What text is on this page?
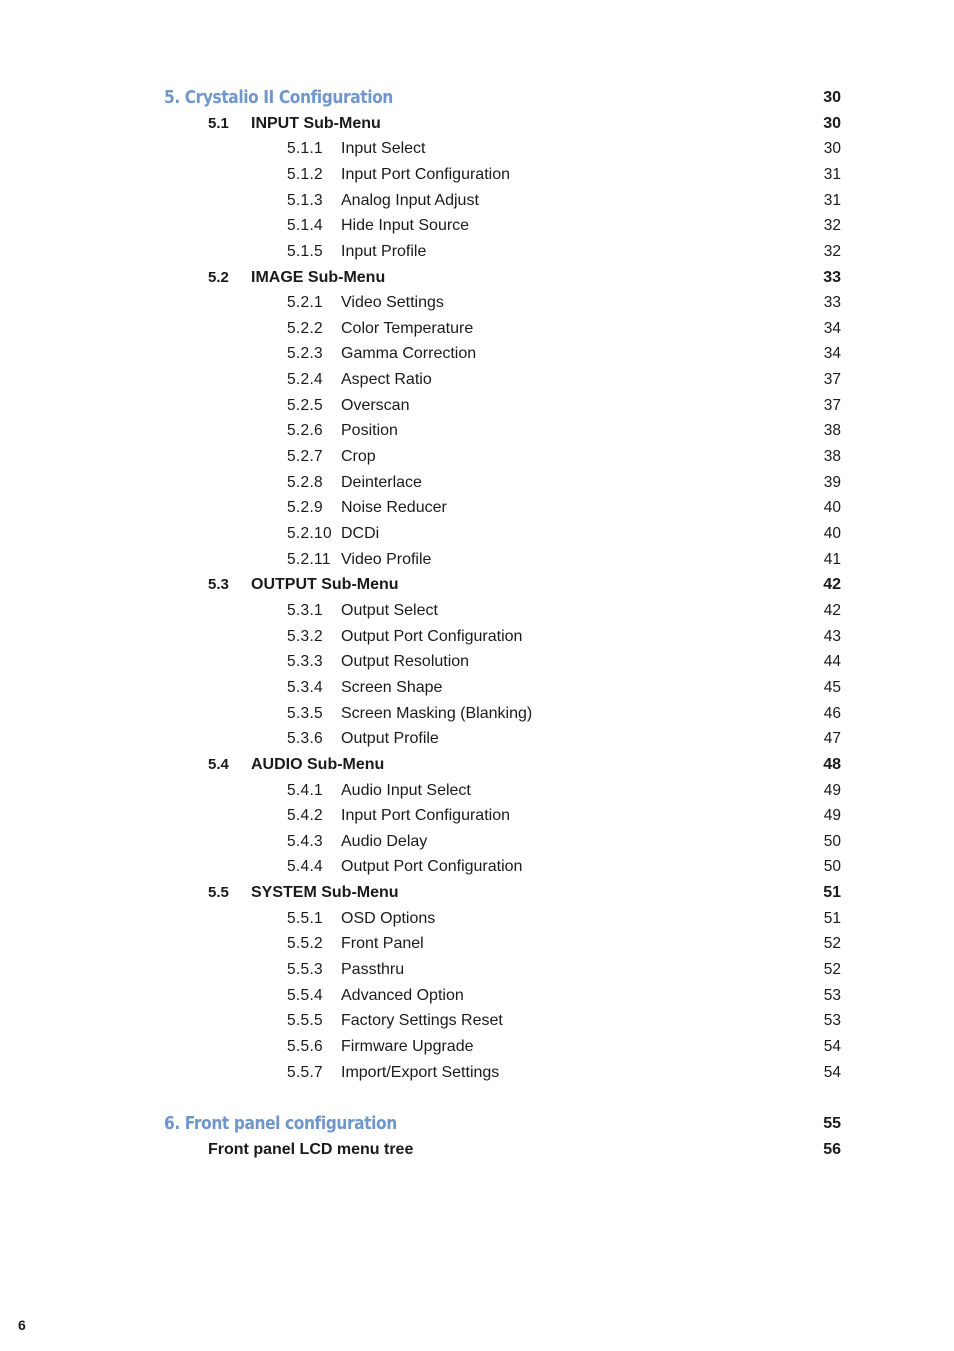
5. Crystalio II Configuration	30
5.1 INPUT Sub-Menu	30
5.1.1 Input Select	30
5.1.2 Input Port Configuration	31
5.1.3 Analog Input Adjust	31
5.1.4 Hide Input Source	32
5.1.5 Input Profile	32
5.2 IMAGE Sub-Menu	33
5.2.1 Video Settings	33
5.2.2 Color Temperature	34
5.2.3 Gamma Correction	34
5.2.4 Aspect Ratio	37
5.2.5 Overscan	37
5.2.6 Position	38
5.2.7 Crop	38
5.2.8 Deinterlace	39
5.2.9 Noise Reducer	40
5.2.10 DCDi	40
5.2.11 Video Profile	41
5.3 OUTPUT Sub-Menu	42
5.3.1 Output Select	42
5.3.2 Output Port Configuration	43
5.3.3 Output Resolution	44
5.3.4 Screen Shape	45
5.3.5 Screen Masking (Blanking)	46
5.3.6 Output Profile	47
5.4 AUDIO Sub-Menu	48
5.4.1 Audio Input Select	49
5.4.2 Input Port Configuration	49
5.4.3 Audio Delay	50
5.4.4 Output Port Configuration	50
5.5 SYSTEM Sub-Menu	51
5.5.1 OSD Options	51
5.5.2 Front Panel	52
5.5.3 Passthru	52
5.5.4 Advanced Option	53
5.5.5 Factory Settings Reset	53
5.5.6 Firmware Upgrade	54
5.5.7 Import/Export Settings	54
6. Front panel configuration	55
Front panel LCD menu tree	56
6
